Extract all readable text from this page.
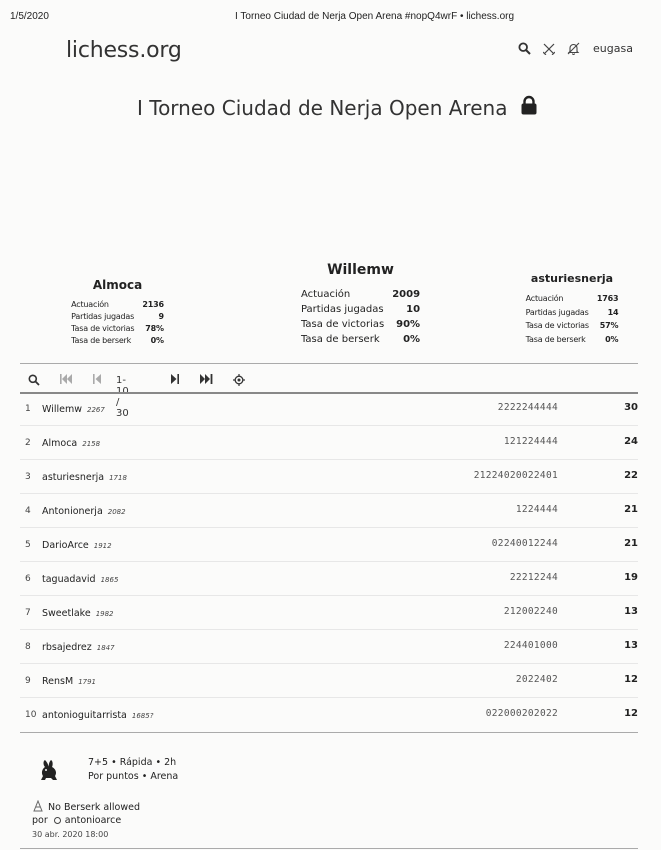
1/5/2020	I Torneo Ciudad de Nerja Open Arena #nopQ4wrF • lichess.org
lichess.org	eugasa
I Torneo Ciudad de Nerja Open Arena
Willemw
Actuación	2009
Partidas jugadas	10
Tasa de victorias	90%
Tasa de berserk	0%
Almoca
Actuación	2136
Partidas jugadas	9
Tasa de victorias	78%
Tasa de berserk	0%
asturiesnerja
Actuación	1763
Partidas jugadas	14
Tasa de victorias	57%
Tasa de berserk	0%
1- / 30
1 Willemw 2267	2222244444	30
2 Almoca 2158	121224444	24
3 asturiesnerja 1718	21224020022401	22
4 Antonionerja 2082	1224444	21
5 DarioArce 1912	02240012244	21
6 taguadavid 1865	22212244	19
7 Sweetlake 1982	212002240	13
8 rbsajedrez 1847	224401000	13
9 RensM 1791	2022402	12
10 antonioguitarrista 1685?	022000202022	12
7+5 • Rápida • 2h
Por puntos • Arena
No Berserk allowed
por antonioarce
30 abr. 2020 18:00
